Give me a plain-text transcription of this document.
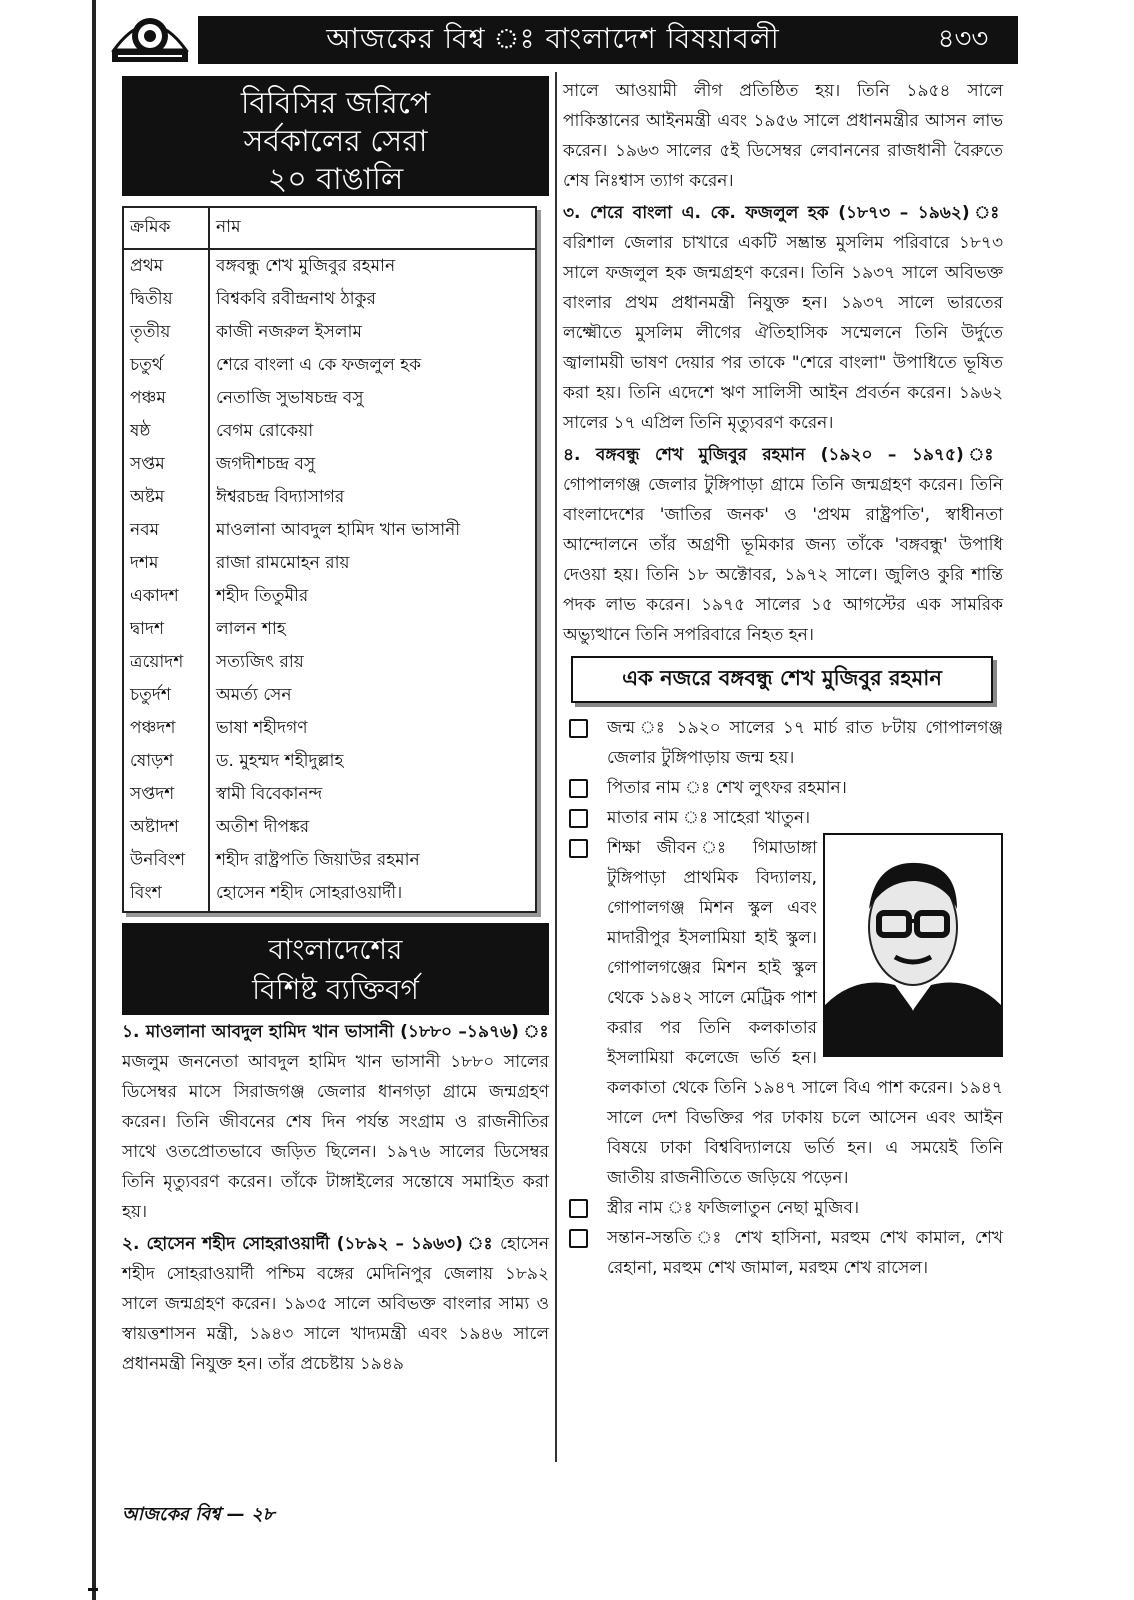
আজকের বিশ্ব ঃ বাংলাদেশ বিষয়াবলী	৪৩৩
বিবিসির জরিপে
সর্বকালের সেরা
২০ বাঙালি
ক্রমিক	নাম
প্রথম	বঙ্গবন্ধু শেখ মুজিবুর রহমান
দ্বিতীয়	বিশ্বকবি রবীন্দ্রনাথ ঠাকুর
তৃতীয়	কাজী নজরুল ইসলাম
চতুর্থ	শেরে বাংলা এ কে ফজলুল হক
পঞ্চম	নেতাজি সুভাষচন্দ্র বসু
ষষ্ঠ	বেগম রোকেয়া
সপ্তম	জগদীশচন্দ্র বসু
অষ্টম	ঈশ্বরচন্দ্র বিদ্যাসাগর
নবম	মাওলানা আবদুল হামিদ খান ভাসানী
দশম	রাজা রামমোহন রায়
একাদশ	শহীদ তিতুমীর
দ্বাদশ	লালন শাহ
ত্রয়োদশ	সত্যজিৎ রায়
চতুর্দশ	অমর্ত্য সেন
পঞ্চদশ	ভাষা শহীদগণ
ষোড়শ	ড. মুহম্মদ শহীদুল্লাহ
সপ্তদশ	স্বামী বিবেকানন্দ
অষ্টাদশ	অতীশ দীপঙ্কর
উনবিংশ	শহীদ রাষ্ট্রপতি জিয়াউর রহমান
বিংশ	হোসেন শহীদ সোহরাওয়ার্দী।
বাংলাদেশের
বিশিষ্ট ব্যক্তিবর্গ

১. মাওলানা আবদুল হামিদ খান ভাসানী (১৮৮০ –১৯৭৬) ঃ মজলুম জননেতা আবদুল হামিদ খান ভাসানী ১৮৮০ সালের ডিসেম্বর মাসে সিরাজগঞ্জ জেলার ধানগড়া গ্রামে জন্মগ্রহণ করেন। তিনি জীবনের শেষ দিন পর্যন্ত সংগ্রাম ও রাজনীতির সাথে ওতপ্রোতভাবে জড়িত ছিলেন। ১৯৭৬ সালের ডিসেম্বর তিনি মৃত্যুবরণ করেন। তাঁকে টাঙ্গাইলের সন্তোষে সমাহিত করা হয়।

২. হোসেন শহীদ সোহরাওয়ার্দী (১৮৯২ – ১৯৬৩) ঃ হোসেন শহীদ সোহরাওয়ার্দী পশ্চিম বঙ্গের মেদিনিপুর জেলায় ১৮৯২ সালে জন্মগ্রহণ করেন। ১৯৩৫ সালে অবিভক্ত বাংলার সাম্য ও স্বায়ত্তশাসন মন্ত্রী, ১৯৪৩ সালে খাদ্যমন্ত্রী এবং ১৯৪৬ সালে প্রধানমন্ত্রী নিযুক্ত হন। তাঁর প্রচেষ্টায় ১৯৪৯

সালে আওয়ামী লীগ প্রতিষ্ঠিত হয়। তিনি ১৯৫৪ সালে পাকিস্তানের আইনমন্ত্রী এবং ১৯৫৬ সালে প্রধানমন্ত্রীর আসন লাভ করেন। ১৯৬৩ সালের ৫ই ডিসেম্বর লেবাননের রাজধানী বৈরুতে শেষ নিঃশ্বাস ত্যাগ করেন।

৩. শেরে বাংলা এ. কে. ফজলুল হক (১৮৭৩ – ১৯৬২) ঃ বরিশাল জেলার চাখারে একটি সম্ভ্রান্ত মুসলিম পরিবারে ১৮৭৩ সালে ফজলুল হক জন্মগ্রহণ করেন। তিনি ১৯৩৭ সালে অবিভক্ত বাংলার প্রথম প্রধানমন্ত্রী নিযুক্ত হন। ১৯৩৭ সালে ভারতের লক্ষ্মৌতে মুসলিম লীগের ঐতিহাসিক সম্মেলনে তিনি উর্দুতে জ্বালাময়ী ভাষণ দেয়ার পর তাকে "শেরে বাংলা" উপাধিতে ভূষিত করা হয়। তিনি এদেশে ঋণ সালিসী আইন প্রবর্তন করেন। ১৯৬২ সালের ১৭ এপ্রিল তিনি মৃত্যুবরণ করেন।

৪. বঙ্গবন্ধু শেখ মুজিবুর রহমান (১৯২০ – ১৯৭৫) ঃ গোপালগঞ্জ জেলার টুঙ্গিপাড়া গ্রামে তিনি জন্মগ্রহণ করেন। তিনি বাংলাদেশের 'জাতির জনক' ও 'প্রথম রাষ্ট্রপতি', স্বাধীনতা আন্দোলনে তাঁর অগ্রণী ভূমিকার জন্য তাঁকে 'বঙ্গবন্ধু' উপাধি দেওয়া হয়। তিনি ১৮ অক্টোবর, ১৯৭২ সালে। জুলিও কুরি শান্তি পদক লাভ করেন। ১৯৭৫ সালের ১৫ আগস্টের এক সামরিক অভ্যুত্থানে তিনি সপরিবারে নিহত হন।

এক নজরে বঙ্গবন্ধু শেখ মুজিবুর রহমান
জন্ম ঃ ১৯২০ সালের ১৭ মার্চ রাত ৮টায় গোপালগঞ্জ জেলার টুঙ্গিপাড়ায় জন্ম হয়।
পিতার নাম ঃ শেখ লুৎফর রহমান।
মাতার নাম ঃ সাহেরা খাতুন।
শিক্ষা জীবন ঃ গিমাডাঙ্গা টুঙ্গিপাড়া প্রাথমিক বিদ্যালয়, গোপালগঞ্জ মিশন স্কুল এবং মাদারীপুর ইসলামিয়া হাই স্কুল। গোপালগঞ্জের মিশন হাই স্কুল থেকে ১৯৪২ সালে মেট্রিক পাশ করার পর তিনি কলকাতার ইসলামিয়া কলেজে ভর্তি হন। কলকাতা থেকে তিনি ১৯৪৭ সালে বিএ পাশ করেন। ১৯৪৭ সালে দেশ বিভক্তির পর ঢাকায় চলে আসেন এবং আইন বিষয়ে ঢাকা বিশ্ববিদ্যালয়ে ভর্তি হন। এ সময়েই তিনি জাতীয় রাজনীতিতে জড়িয়ে পড়েন।
স্ত্রীর নাম ঃ ফজিলাতুন নেছা মুজিব।
সন্তান-সন্ততি ঃ শেখ হাসিনা, মরহুম শেখ কামাল, শেখ রেহানা, মরহুম শেখ জামাল, মরহুম শেখ রাসেল।
আজকের বিশ্ব — ২৮
